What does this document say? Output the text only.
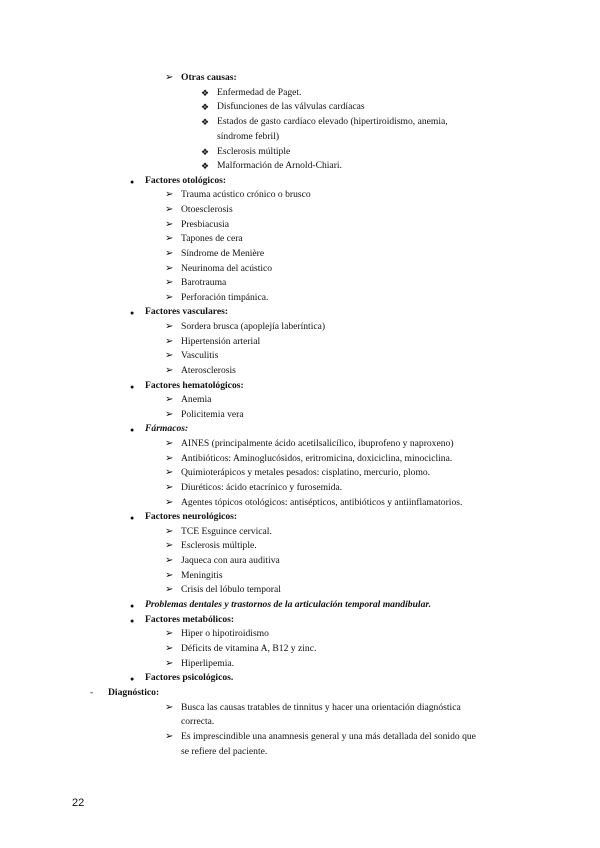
➢ Otras causas:
❖ Enfermedad de Paget.
❖ Disfunciones de las válvulas cardíacas
❖ Estados de gasto cardíaco elevado (hipertiroidismo, anemia,
síndrome febril)
❖ Esclerosis múltiple
❖ Malformación de Arnold-Chiari.
● Factores otológicos:
➢ Trauma acústico crónico o brusco
➢ Otoesclerosis
➢ Presbiacusia
➢ Tapones de cera
➢ Síndrome de Menière
➢ Neurinoma del acústico
➢ Barotrauma
➢ Perforación timpánica.
● Factores vasculares:
➢ Sordera brusca (apoplejía laberíntica)
➢ Hipertensión arterial
➢ Vasculitis
➢ Aterosclerosis
● Factores hematológicos:
➢ Anemia
➢ Policitemia vera
● Fármacos:
➢ AINES (principalmente ácido acetilsalicílico, ibuprofeno y naproxeno)
➢ Antibióticos: Aminoglucósidos, eritromicina, doxiciclina, minociclina.
➢ Quimioterápicos y metales pesados: cisplatino, mercurio, plomo.
➢ Diuréticos: ácido etacrínico y furosemida.
➢ Agentes tópicos otológicos: antisépticos, antibióticos y antiinflamatorios.
● Factores neurológicos:
➢ TCE Esguince cervical.
➢ Esclerosis múltiple.
➢ Jaqueca con aura auditiva
➢ Meningitis
➢ Crisis del lóbulo temporal
● Problemas dentales y trastornos de la articulación temporal mandibular.
● Factores metabólicos:
➢ Hiper o hipotiroidismo
➢ Déficits de vitamina A, B12 y zinc.
➢ Hiperlipemia.
● Factores psicológicos.
- Diagnóstico:
➢ Busca las causas tratables de tinnitus y hacer una orientación diagnóstica
correcta.
➢ Es imprescindible una anamnesis general y una más detallada del sonido que
se refiere del paciente.
22
